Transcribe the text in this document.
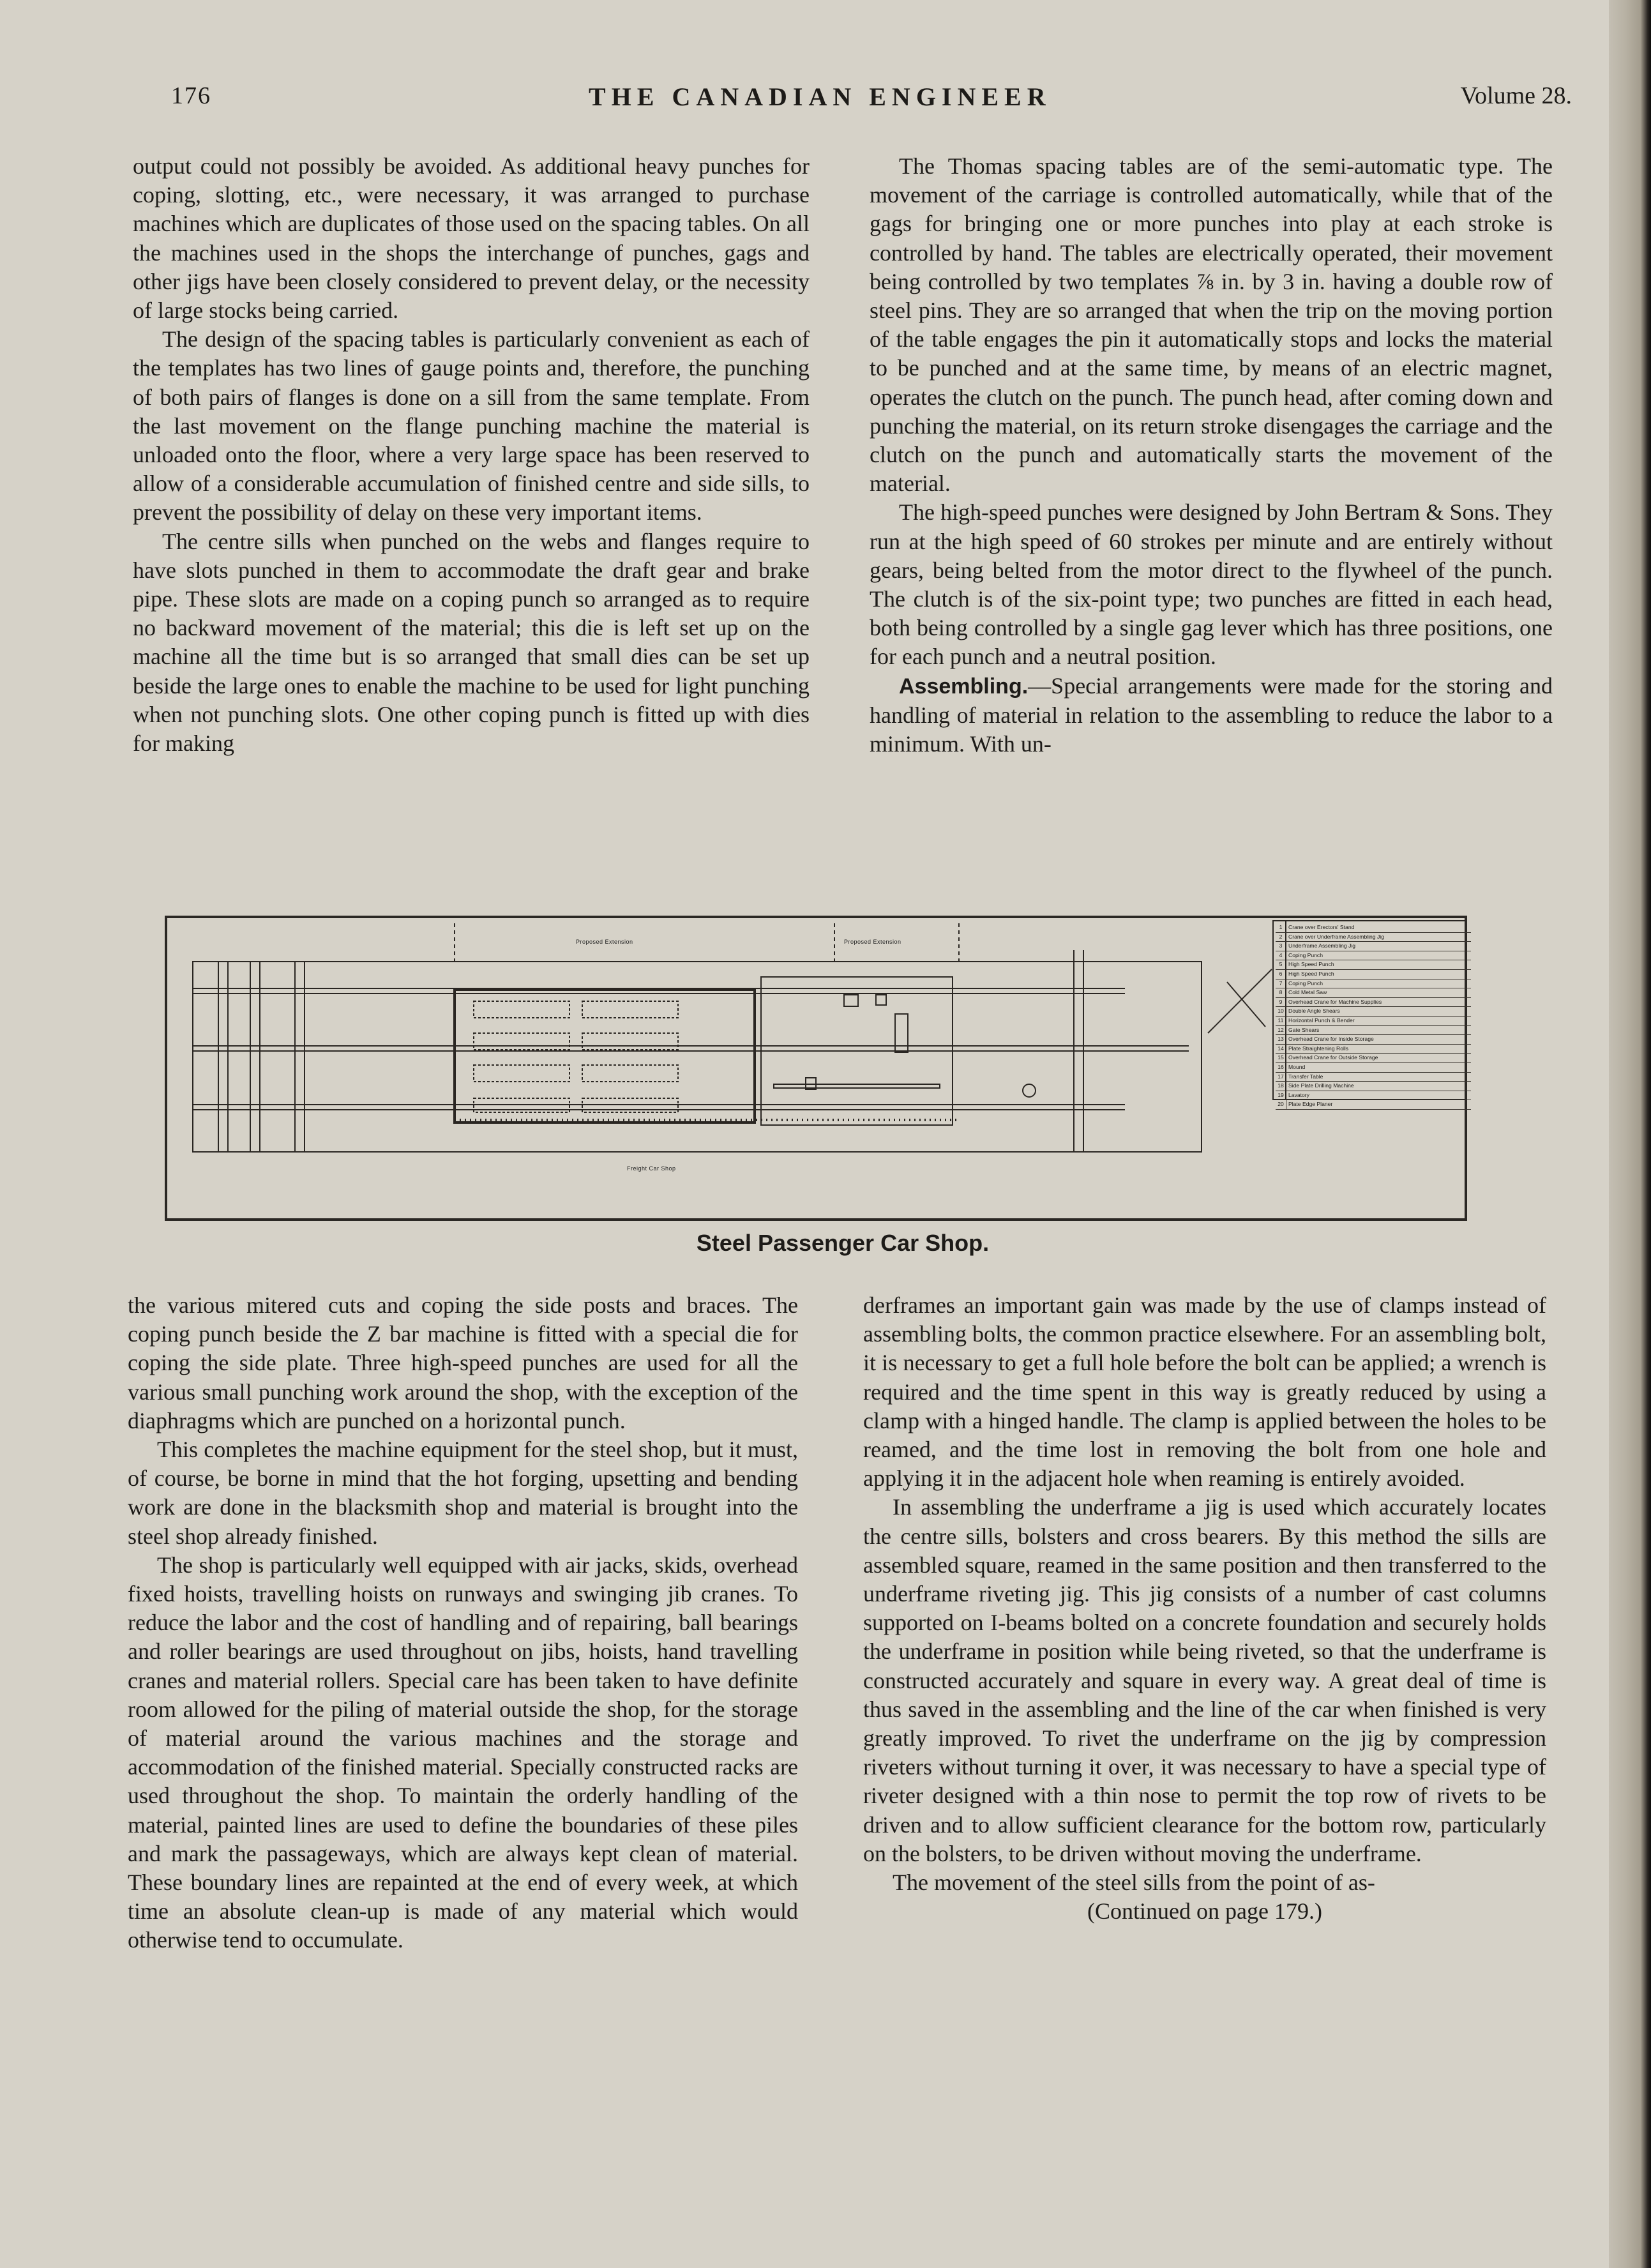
176	THE CANADIAN ENGINEER	Volume 28.

output could not possibly be avoided. As additional heavy punches for coping, slotting, etc., were necessary, it was arranged to purchase machines which are duplicates of those used on the spacing tables. On all the machines used in the shops the interchange of punches, gags and other jigs have been closely considered to prevent delay, or the necessity of large stocks being carried.

The design of the spacing tables is particularly convenient as each of the templates has two lines of gauge points and, therefore, the punching of both pairs of flanges is done on a sill from the same template. From the last movement on the flange punching machine the material is unloaded onto the floor, where a very large space has been reserved to allow of a considerable accumulation of finished centre and side sills, to prevent the possibility of delay on these very important items.

The centre sills when punched on the webs and flanges require to have slots punched in them to accommodate the draft gear and brake pipe. These slots are made on a coping punch so arranged as to require no backward movement of the material; this die is left set up on the machine all the time but is so arranged that small dies can be set up beside the large ones to enable the machine to be used for light punching when not punching slots. One other coping punch is fitted up with dies for making

The Thomas spacing tables are of the semi-automatic type. The movement of the carriage is controlled automatically, while that of the gags for bringing one or more punches into play at each stroke is controlled by hand. The tables are electrically operated, their movement being controlled by two templates ⅞ in. by 3 in. having a double row of steel pins. They are so arranged that when the trip on the moving portion of the table engages the pin it automatically stops and locks the material to be punched and at the same time, by means of an electric magnet, operates the clutch on the punch. The punch head, after coming down and punching the material, on its return stroke disengages the carriage and the clutch on the punch and automatically starts the movement of the material.

The high-speed punches were designed by John Bertram & Sons. They run at the high speed of 60 strokes per minute and are entirely without gears, being belted from the motor direct to the flywheel of the punch. The clutch is of the six-point type; two punches are fitted in each head, both being controlled by a single gag lever which has three positions, one for each punch and a neutral position.

Assembling.—Special arrangements were made for the storing and handling of material in relation to the assembling to reduce the labor to a minimum. With un-

Proposed Extension	Proposed Extension
Freight Car Shop
1 Crane over Erectors' Stand
2 Crane over Underframe Assembling Jig
3 Underframe Assembling Jig
4 Coping Punch
5 High Speed Punch
6 High Speed Punch
7 Coping Punch
8 Cold Metal Saw
9 Overhead Crane for Machine Supplies
10 Double Angle Shears
11 Horizontal Punch & Bender
12 Gate Shears
13 Overhead Crane for Inside Storage
14 Plate Straightening Rolls
15 Overhead Crane for Outside Storage
16 Mound
17 Transfer Table
18 Side Plate Drilling Machine
19 Lavatory
20 Plate Edge Planer
Steel Passenger Car Shop.

the various mitered cuts and coping the side posts and braces. The coping punch beside the Z bar machine is fitted with a special die for coping the side plate. Three high-speed punches are used for all the various small punching work around the shop, with the exception of the diaphragms which are punched on a horizontal punch.

This completes the machine equipment for the steel shop, but it must, of course, be borne in mind that the hot forging, upsetting and bending work are done in the blacksmith shop and material is brought into the steel shop already finished.

The shop is particularly well equipped with air jacks, skids, overhead fixed hoists, travelling hoists on runways and swinging jib cranes. To reduce the labor and the cost of handling and of repairing, ball bearings and roller bearings are used throughout on jibs, hoists, hand travelling cranes and material rollers. Special care has been taken to have definite room allowed for the piling of material outside the shop, for the storage of material around the various machines and the storage and accommodation of the finished material. Specially constructed racks are used throughout the shop. To maintain the orderly handling of the material, painted lines are used to define the boundaries of these piles and mark the passageways, which are always kept clean of material. These boundary lines are repainted at the end of every week, at which time an absolute clean-up is made of any material which would otherwise tend to occumulate.

derframes an important gain was made by the use of clamps instead of assembling bolts, the common practice elsewhere. For an assembling bolt, it is necessary to get a full hole before the bolt can be applied; a wrench is required and the time spent in this way is greatly reduced by using a clamp with a hinged handle. The clamp is applied between the holes to be reamed, and the time lost in removing the bolt from one hole and applying it in the adjacent hole when reaming is entirely avoided.

In assembling the underframe a jig is used which accurately locates the centre sills, bolsters and cross bearers. By this method the sills are assembled square, reamed in the same position and then transferred to the underframe riveting jig. This jig consists of a number of cast columns supported on I-beams bolted on a concrete foundation and securely holds the underframe in position while being riveted, so that the underframe is constructed accurately and square in every way. A great deal of time is thus saved in the assembling and the line of the car when finished is very greatly improved. To rivet the underframe on the jig by compression riveters without turning it over, it was necessary to have a special type of riveter designed with a thin nose to permit the top row of rivets to be driven and to allow sufficient clearance for the bottom row, particularly on the bolsters, to be driven without moving the underframe.

The movement of the steel sills from the point of as-

(Continued on page 179.)
